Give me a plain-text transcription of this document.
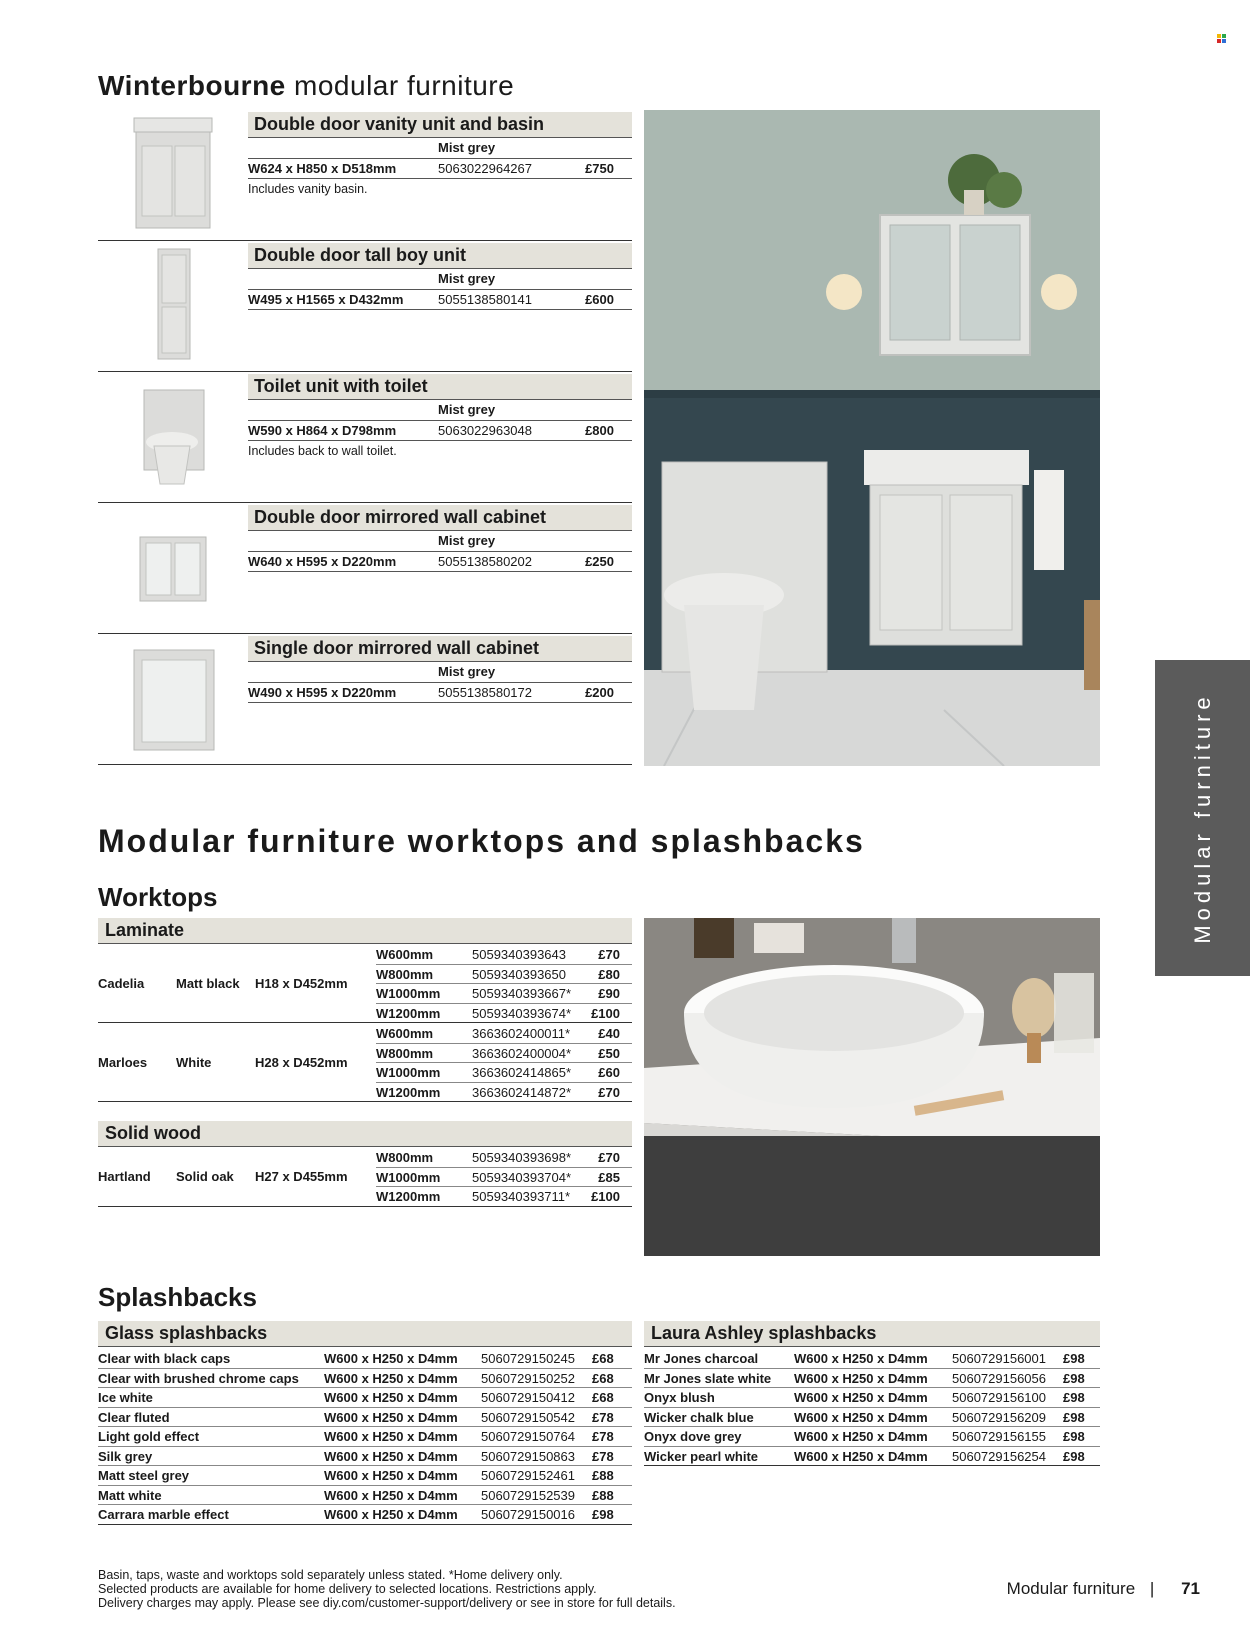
Winterbourne modular furniture
Double door vanity unit and basin
Mist grey
W624 x H850 x D518mm	5063022964267	£750
Includes vanity basin.
Double door tall boy unit
Mist grey
W495 x H1565 x D432mm	5055138580141	£600
Toilet unit with toilet
Mist grey
W590 x H864 x D798mm	5063022963048	£800
Includes back to wall toilet.
Double door mirrored wall cabinet
Mist grey
W640 x H595 x D220mm	5055138580202	£250
Single door mirrored wall cabinet
Mist grey
W490 x H595 x D220mm	5055138580172	£200
Modular furniture worktops and splashbacks	Modular furniture
Worktops
Laminate
Cadelia Matt black H18 x D452mm
W600mm	5059340393643 £70
W800mm	5059340393650 £80
W1000mm 5059340393667* £90
W1200mm 5059340393674* £100
Marloes White	H28 x D452mm
W600mm	3663602400011* £40
W800mm	3663602400004* £50
W1000mm 3663602414865* £60
W1200mm 3663602414872* £70
Solid wood
Hartland Solid oak H27 x D455mm
W800mm	5059340393698* £70
W1000mm 5059340393704* £85
W1200mm 5059340393711* £100
Splashbacks
Glass splashbacks	Laura Ashley splashbacks
Clear with black caps	W600 x H250 x D4mm 5060729150245 £68
Clear with brushed chrome caps W600 x H250 x D4mm 5060729150252 £68
Ice white	W600 x H250 x D4mm 5060729150412 £68
Clear fluted	W600 x H250 x D4mm 5060729150542 £78
Light gold effect	W600 x H250 x D4mm 5060729150764 £78
Silk grey	W600 x H250 x D4mm 5060729150863 £78
Matt steel grey	W600 x H250 x D4mm 5060729152461 £88
Matt white	W600 x H250 x D4mm 5060729152539 £88
Carrara marble effect	W600 x H250 x D4mm 5060729150016 £98
Mr Jones charcoal	W600 x H250 x D4mm 5060729156001 £98
Mr Jones slate white W600 x H250 x D4mm 5060729156056 £98
Onyx blush	W600 x H250 x D4mm 5060729156100 £98
Wicker chalk blue	W600 x H250 x D4mm 5060729156209 £98
Onyx dove grey	W600 x H250 x D4mm 5060729156155 £98
Wicker pearl white	W600 x H250 x D4mm 5060729156254 £98
Basin, taps, waste and worktops sold separately unless stated. *Home delivery only.
Selected products are available for home delivery to selected locations. Restrictions apply.
Delivery charges may apply. Please see diy.com/customer-support/delivery or see in store for full details.
Modular furniture | 71
